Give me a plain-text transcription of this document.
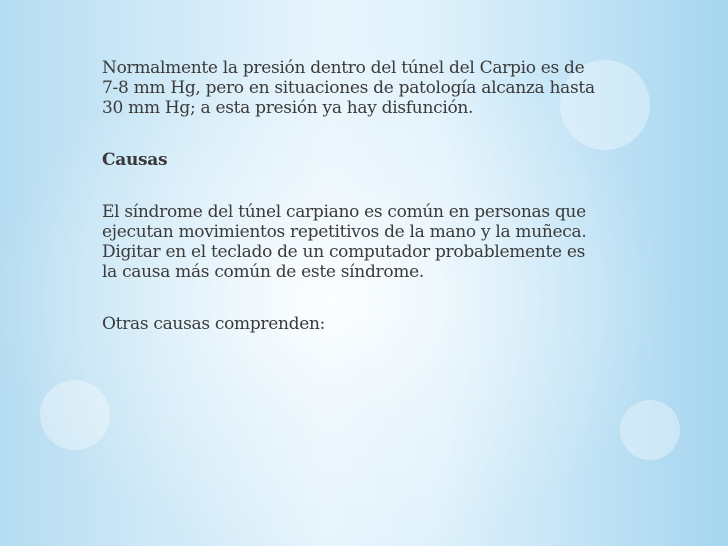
Normalmente la presión dentro del túnel del Carpio es de 7-8 mm Hg, pero en situaciones de patología alcanza hasta 30 mm Hg; a esta presión ya hay disfunción.

Causas

El síndrome del túnel carpiano es común en personas que ejecutan movimientos repetitivos de la mano y la muñeca. Digitar en el teclado de un computador probablemente es la causa más común de este síndrome.

Otras causas comprenden:
